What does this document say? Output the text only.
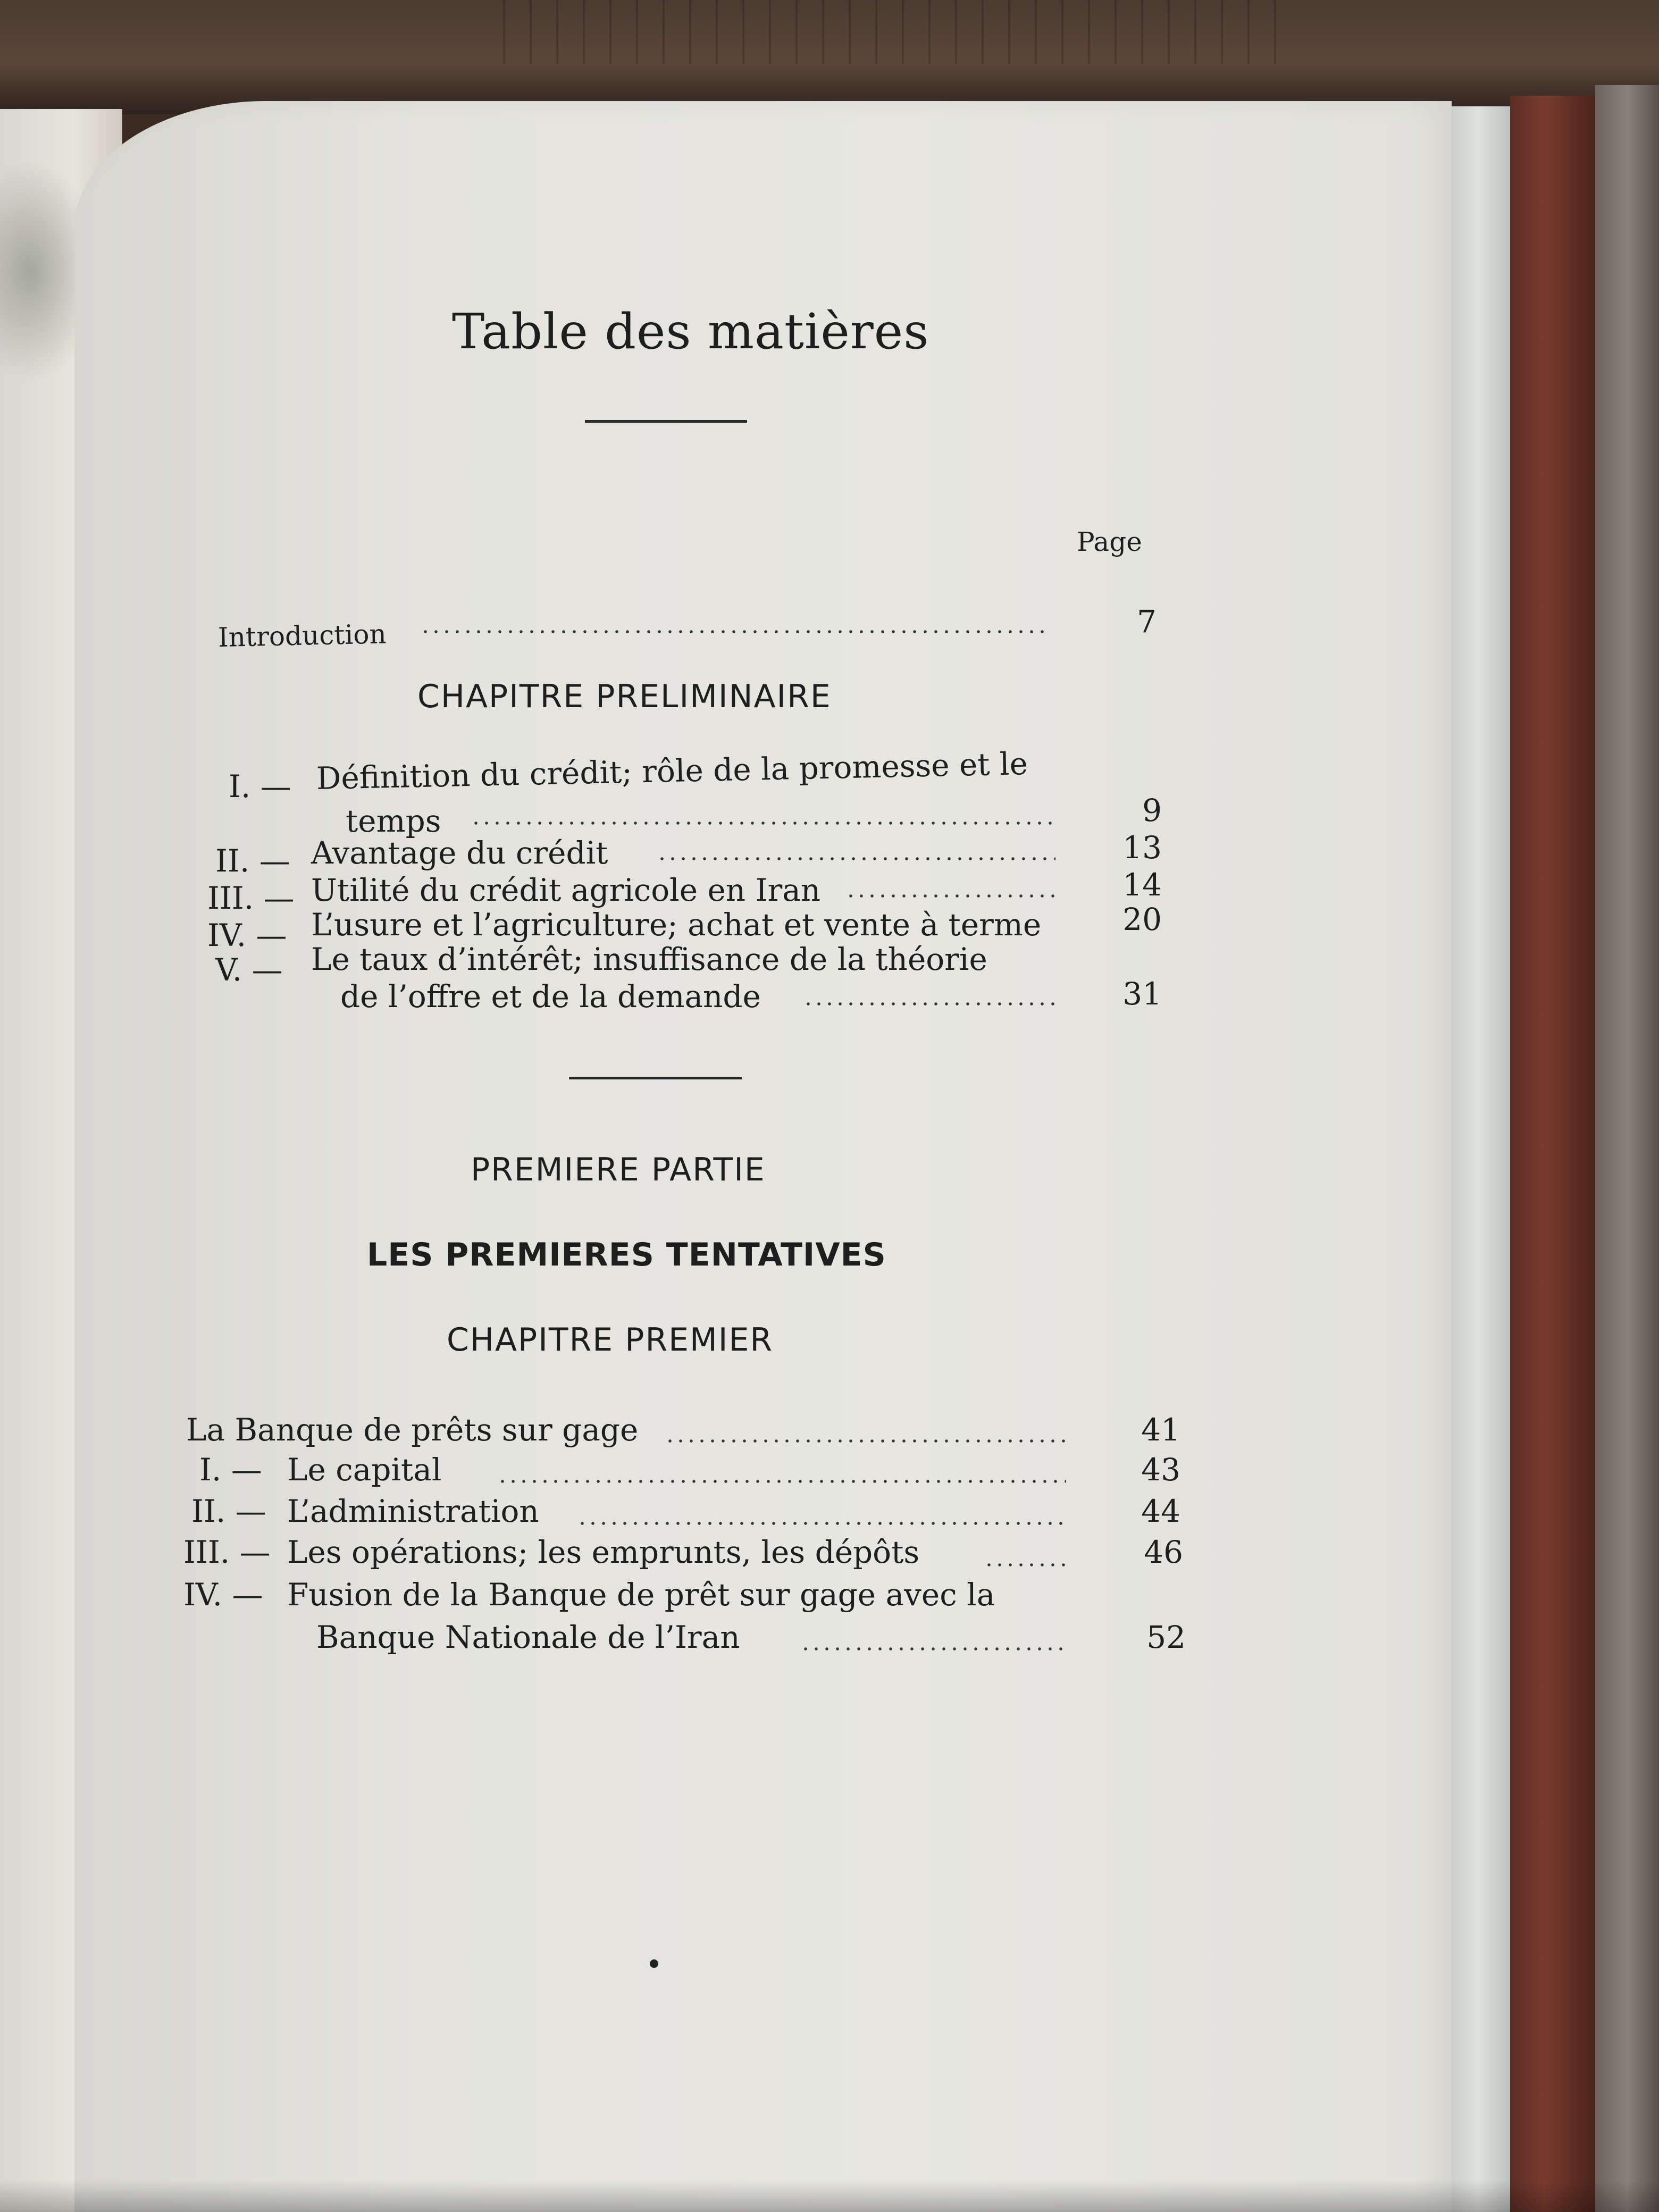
Table des matières
Page
Introduction	7
CHAPITRE PRELIMINAIRE
I. — Définition du crédit; rôle de la promesse et le
temps	9
II. — Avantage du crédit	13
III. — Utilité du crédit agricole en Iran	14
IV. — L’usure et l’agriculture; achat et vente à terme	20
V. — Le taux d’intérêt; insuffisance de la théorie
de l’offre et de la demande	31
PREMIERE PARTIE
LES PREMIERES TENTATIVES
CHAPITRE PREMIER
La Banque de prêts sur gage	41
I. — Le capital	43
II. — L’administration	44
III. — Les opérations; les emprunts, les dépôts	46
IV. — Fusion de la Banque de prêt sur gage avec la
Banque Nationale de l’Iran	52
